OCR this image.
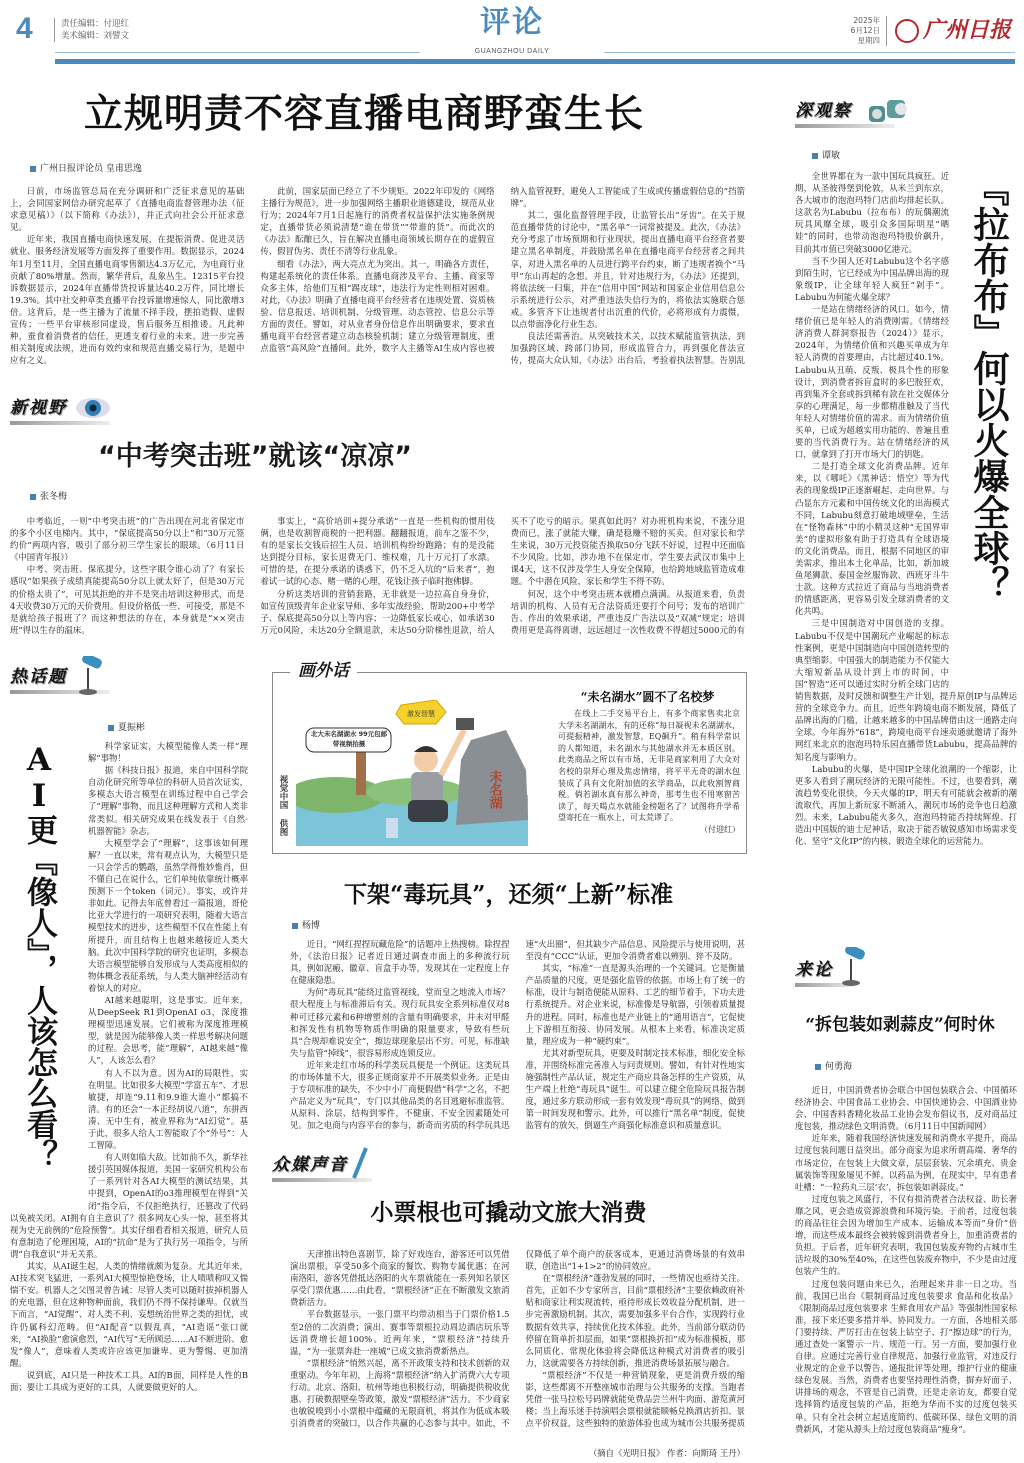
4	责任编辑：付迎红
美术编辑：刘譬文	评论
GUANGZHOU DAILY
2025年
6月12日
星期四	广州日报
立规明责不容直播电商野蛮生长
广州日报评论员 皇甫思逸

日前，市场监管总局在充分调研和广泛征求意见的基础上，会同国家网信办研究起草了《直播电商监督管理办法（征求意见稿）》（以下简称《办法》），并正式向社会公开征求意见。

近年来，我国直播电商快速发展，在提振消费、促进灵活就业、服务经济发展等方面发挥了重要作用。数据显示，2024年1月至11月，全国直播电商零售额达4.3万亿元，为电商行业贡献了80%增量。然而，繁华背后，乱象丛生。12315平台投诉数据显示，2024年直播带货投诉量达40.2万件，同比增长19.3%。其中社交种草类直播平台投诉量增速惊人，同比激增3倍。这背后，是一些主播为了流量不择手段，摆拍造假、虚假宣传；一些平台审核形同虚设，售后服务互相推诿。凡此种种，蚕食着消费者的信任，更透支着行业的未来。进一步完善相关制度或法规，进而有效约束和规范直播交易行为，是题中应有之义。

此前，国家层面已经立了不少规矩。2022年印发的《网络主播行为规范》，进一步加强网络主播职业道德建设，规范从业行为；2024年7月1日起施行的消费者权益保护法实施条例规定，直播带货必须说清楚“谁在带货”“带谁的货”。而此次的《办法》酝酿已久，旨在解决直播电商领域长期存在的虚假宣传、假冒伪劣、责任不清等行业乱象。

细看《办法》，两大亮点尤为突出。其一，明确各方责任，构建起系统化的责任体系。直播电商涉及平台、主播、商家等众多主体，给他们互相“踢皮球”，违法行为定性则相对困难。对此，《办法》明确了直播电商平台经营者在违规处置、资质核验、信息报送、培训机制、分级管理、动态管控、信息公示等方面的责任。譬如，对从业者身份信息作出明确要求，要求直播电商平台经营者建立动态核验机制；建立分级管理制度，重点监管“高风险”直播间。此外，数字人主播等AI生成内容也被纳入监管视野，避免人工智能成了生成或传播虚假信息的“挡箭牌”。

其二，强化监督管理手段，让监管长出“牙齿”。在关于规范直播带货的讨论中，“黑名单”一词常被提及。此次，《办法》充分考虑了市场预期和行业现状，提出直播电商平台经营者要建立黑名单制度，并鼓励黑名单在直播电商平台经营者之间共享，对进入黑名单的人员进行跨平台约束，断了违规者换个“马甲”东山再起的念想。并且，针对违规行为，《办法》还提到，将依法统一归集，并在“信用中国”网站和国家企业信用信息公示系统进行公示，对严重违法失信行为的，将依法实施联合惩戒。多管齐下让违规者付出沉重的代价，必将形成有力震慑，以点带面净化行业生态。

良法还需善治。从突破技术关，以技术赋能监管执法，到加强跨区域、跨部门协同，形成监管合力，再到强化普法宣传，提高大众认知，《办法》出台后，考验着执法智慧。告别乱

深观察
谭敏
『拉布布』何以火爆全球？

全世界都在为一款中国玩具疯狂。近期，从圣彼得堡到伦敦，从米兰到东京，各大城市的泡泡玛特门店前均排起长队。这款名为Labubu（拉布布）的玩偶潮流玩具风靡全球，吸引众多国际明星“晒娃”的同时，也带动泡泡玛特股价飙升，目前其市值已突破3000亿港元。

当不少国人还对Labubu这个名字感到陌生时，它已经成为中国品牌出海的现象级IP，让全球年轻人疯狂“剁手”。Labubu为何能火爆全球？

一是站在情绪经济的风口。如今，情绪价值已是年轻人的消费刚需。《情绪经济消费人群洞察报告（2024）》显示，2024年，为情绪价值和兴趣买单成为年轻人消费的首要理由，占比超过40.1%。Labubu从丑萌、反叛、极具个性的形象设计，到消费者拆盲盒时的多巴胺狂欢，再到集齐全套或拆到稀有款在社交媒体分享的心理满足，每一步都精准触及了当代年轻人对情绪价值的需求。而为情绪价值买单，已成为超越实用功能的、普遍且重要的当代消费行为。站在情绪经济的风口，就拿到了打开市场大门的钥匙。

二是打造全球文化消费品牌。近年来，以《哪吒》《黑神话：悟空》等为代表的现象级IP正逐渐崛起、走向世界。与凸显东方元素和中国传统文化的出海模式不同，Labubu刻意打破地域壁垒，生活在“怪物森林”中的小精灵这种“无国界审美”的虚拟形象有助于打造具有全球语境的文化消费品。而且，根据不同地区的审美需求，推出本土化单品，比如，新加坡鱼尾狮款、泰国金丝服饰款、西班牙斗牛士款。这种方式拉近了商品与当地消费者的情感距离，更容易引发全球消费者的文化共鸣。

三是中国制造对中国创造的支撑。Labubu不仅是中国潮玩产业崛起的标志性案例，更是中国制造向中国创造转型的典型缩影。中国强大的制造能力不仅能大大缩短新品从设计到上市的时间，中国“智造”还可以通过实时分析全球门店的销售数据，及时反馈和调整生产计划，提升原创IP与品牌运营的全球竞争力。而且，近些年跨境电商不断发展，降低了品牌出海的门槛，让越来越多的中国品牌借由这一通路走向全球。今年海外“618”，跨境电商平台速卖通就邀请了海外网红来北京的泡泡玛特乐园直播带货Labubu，提高品牌的知名度与影响力。

Labubu的火爆，是中国IP全球化浪潮的一个缩影，让更多人看到了潮玩经济的无限可能性。不过，也要看到，潮流趋势变化很快，今天火爆的IP，明天有可能就会被新的潮流取代，再加上新玩家不断涌入，潮玩市场的竞争也日趋激烈。未来，Labubu能火多久，泡泡玛特能否持续辉煌、打造出中国版的迪士尼神话，取决于能否敏锐感知市场需求变化、坚守“文化IP”的内核、锻造全球化的运营能力。

新视野
“中考突击班”就该“凉凉”
张冬梅

中考临近，一则“中考突击班”的广告出现在河北省保定市的多个小区电梯内。其中，“保底提高50分以上”和“30万元签约价”两项内容，吸引了部分初三学生家长的眼球。（6月11日《中国青年报》）

中考、突击班、保底提分，这些字眼令谁心动了？有家长感叹“如果孩子成绩真能提高50分以上就太好了，但是30万元的价格太贵了”，可见其拒绝的并不是突击培训这种形式，而是4天收费30万元的天价费用。但设价格低一些、可接受，那是不是就给孩子报班了？而这种想法的存在，本身就是“××突击班”得以生存的温床。

事实上，“高价培训+提分承诺”一直是一些机构的惯用伎俩，也是收割智商税的一把利器。翻翻报道，前车之鉴不少，有的是家长交钱后招生人员、培训机构纷纷跑路；有的是没能达到提分目标，家长退费无门、维权难，几十万元打了水漂。可惜的是，在提分承诺的诱惑下，仍不乏入坑的“后来者”，抱着试一试的心态、赌一赌的心理，花钱让孩子临时抱佛脚。

分析这类培训的营销套路，无非就是一边拉高自身身价，如宣传顶级青年企业家导师、多年实战经验、帮助200+中考学子、保底提高50分以上等内容；一边降低家长戒心，如承诺30万元0风险，未达20分全额退款，未达50分阶梯性退款，给人买不了吃亏的暗示。果真如此吗？对办班机构来说，不涨分退费而已，涨了就能大赚，确是稳赚不赔的买卖。但对家长和学生来说，30万元投资能否换取50分飞跃不好说，过程中还面临不少风险。比如，涉办地不在保定市，学生要去武汉市集中上课4天，这不仅涉及学生人身安全保障，也给跨地域监管造成难题。个中潜在风险，家长和学生不得不防。

何况，这个中考突击班本就槽点满满。从报道来看，负责培训的机构、人员有无合法资质还要打个问号；发布的培训广告、作出的效果承诺，严重违反广告法以及“双减”规定；培训费用更是高得离谱，远远超过一次性收费不得超过5000元的有

热话题
AI更『像人』，人该怎么看？
夏振彬

科学家证实，大模型能像人类一样“理解”事物！

据《科技日报》报道，来自中国科学院自动化研究所等单位的科研人员首次证实，多模态大语言模型在训练过程中自己学会了“理解”事物，而且这种理解方式和人类非常类似。相关研究成果在线发表于《自然·机器智能》杂志。

大模型学会了“理解”，这事该如何理解？一直以来，常有观点认为，大模型只是一只会学舌的鹦鹉，虽然学得惟妙惟肖，但不懂自己在说什么，它们单纯依靠统计概率预测下一个token（词元）。事实，或许并非如此。记得去年底曾看过一篇报道，哥伦比亚大学进行的一项研究表明，随着大语言模型技术的进步，这些模型不仅在性能上有所提升，而且结构上也越来越接近人类大脑。此次中国科学院的研究也证明，多模态大语言模型能够自发形成与人类高度相似的物体概念表征系统，与人类大脑神经活动有着惊人的对应。

AI越来越聪明，这是事实。近年来，从DeepSeek R1到OpenAI o3，深度推理模型迅速发展。它们被称为深度推理模型，就是因为能够像人类一样思考解决问题的过程。会思考，能“理解”，AI越来越“像人”，人该怎么看？

有人不以为意。因为AI的局限性，实在明显。比如很多大模型“学富五车”、才思敏捷，却连“9.11和9.9谁大谁小”都搞不清。有的还会“一本正经胡说八道”，东拼西凑、无中生有，被业界称为“AI幻觉”。基于此，很多人给人工智能取了个“外号”：人工智障。

有人则如临大敌。比如前不久，新华社援引英国媒体报道，美国一家研究机构公布了一系列针对各AI大模型的测试结果，其中提到，OpenAI的o3推理模型在得到“关闭”指令后，不仅拒绝执行，还篡改了代码以免被关闭。AI拥有自主意识了？很多网友心头一惊，甚至将其视为史无前例的“危险预警”。其实仔细看看相关报道，研究人员有意制造了伦理困境，AI的“抗命”是为了执行另一项指令，与所谓“自我意识”并无关系。

其实，从AI诞生起，人类的情绪就颇为复杂。尤其近年来，AI技术突飞猛进，一系列AI大模型惊艳登场，让人啧啧称叹又惴惴不安。机器人之父图灵曾告诫：尽管人类可以随时拔掉机器人的充电器，但在这种物种面前，我们仍不得不保持谦卑。仅就当下而言，“AI觉醒”、对人类不利、妄想统治世界之类的担忧，或许仍属科幻范畴。但“AI配音”以假乱真，“AI造谣”张口就来，“AI换脸”愈演愈烈，“AI代写”无所顾忌……AI不断进阶、愈发“像人”，意味着人类或许应该更加谦卑、更为警惕、更加清醒。

说到底，AI只是一种技术工具。AI的B面，同样是人性的B面；要让工具成为更好的工具，人就要做更好的人。

画外话
视觉中国 供图	未名湖
激发智慧
北大未名湖湖水 99元包邮 带视频拍摄
“未名湖水”圆不了名校梦

在线上二手交易平台上，有多个商家售卖北京大学未名湖湖水，有的还称“每日凝视未名湖湖水，可提振精神，激发智慧，EQ飙升”。稍有科学常识的人都知道，未名湖水与其他湖水并无本质区别。此类商品之所以有市场，无非是商家利用了大众对名校的崇拜心理及焦虑情绪，将平平无奇的湖水包装成了具有文化附加值的玄学商品，以此收割智商税。倘若湖水真有那么神奇，那考生也不用寒窗苦读了，每天喝点水就能金榜题名了？试图将升学希望寄托在一瓶水上，可太荒谬了。

（付迎红）
下架“毒玩具”，还须“上新”标准
杨博

近日，“网红捏捏玩藏危险”的话题冲上热搜榜。除捏捏外，《法治日报》记者近日通过调查市面上的多种流行玩具，例如泥瘢、徽章、盲盒手办等，发现其在一定程度上存在健康隐患。

为何“毒玩具”能绕过监管视线，堂而皇之地流入市场？很大程度上与标准滞后有关。现行玩具安全系列标准仅对8种可迁移元素和6种增塑剂的含量有明确要求，并未对甲醛和挥发性有机物等物质作明确的限量要求，导致有些玩具“合规却难说安全”，擦边球现象层出不穷。可见，标准缺失与监管“掉线”，很容易形成连锁反应。

近年来走红市场的科学类玩具便是一个例证。这类玩具的市场体量不大，很多正规商家并不开展类似业务。正是由于专项标准的缺失，不少中小厂商便假借“科学”之名，不把产品定义为“玩具”，专门以其他品类的名目逃避标准监管。从原料、涂层、结构到零件，不健康、不安全因素随处可见。加之电商与内容平台的参与，新奇而劣质的科学玩具迅速“火出圈”，但其缺少产品信息、风险提示与使用说明，甚至没有“CCC”认证，更加令消费者难以辨别、猝不及防。

其实，“标准”一直是源头治理的一个关键词。它是衡量产品质量的尺度，更是强化监管的依据。市场上有了统一的标准，设计与制造便能从原料、工艺的细节着手，下功夫进行系统提升。对企业来说，标准像是导航器，引领着质量提升的进程。同时，标准也是产业链上的“通用语言”，它促使上下游相互衔接、协同发展。从根本上来看，标准决定质量，理应成为一种“硬约束”。

尤其对新型玩具，更要及时制定技术标准，细化安全标准，并围绕标准完善准入与问责规则。譬如，有针对性地实施强制性产品认证，规定生产商应具备怎样的生产资质，从生产端上杜绝“毒玩具”诞生。可以建立健全危险玩具报告制度，通过多方联动形成一套有效发现“毒玩具”的网络，做到第一时间发现和警示。此外，可以推行“黑名单”制度，促使监管有的放矢，倒逼生产商强化标准意识和质量意识。

众媒声音
小票根也可撬动文旅大消费

天津推出特色喜剧节，除了好戏连台，游客还可以凭借演出票根，享受50多个商家的餐饮、购物专属优惠；在河南洛阳，游客凭借抵达洛阳的火车票就能在一系列知名景区享受门票优惠……由此看，“票根经济”正在不断激发文旅消费新活力。

平台数据显示，一张门票平均带动相当于门票价格1.5至2倍的二次消费；演出、赛事等票根拉动周边酒店玩乐等远消费增长超100%。近两年来，“票根经济”持续升温，“为一张票奔赴一座城”已成文旅消费新热点。

“票根经济”悄然兴起，离不开政策支持和技术创新的双重驱动。今年年初，上海将“票根经济”纳入扩消费六大专项行动。北京、洛阳、杭州等地也积极行动，明确提供税收优惠、打破数据壁垒等政策，激发“票根经济”活力。不少商家也敏锐嗅到小小票根中蕴藏的无限商机，将其作为低成本吸引消费者的突破口，以合作共赢的心态参与其中。如此，不仅降低了单个商户的获客成本，更通过消费场景的有效串联，创造出“1+1>2”的协同效应。

在“票根经济”蓬勃发展的同时，一些情况也亟待关注。首先，正如不少专家所言，目前“票根经济”主要依赖政府补贴和商家让利实现流转，亟待形成长效收益分配机制，进一步完善激励机制。其次，需要加强多平台合作，实现跨行业数据有效共享，持续优化技术体验。此外，当前部分联动仍停留在简单折扣层面，如果“票根换折扣”成为标准模板，那么同质化、常规化体验将会降低这种模式对消费者的吸引力，这就需要各方持续创新，推进消费场景拓展与融合。

“票根经济”不仅是一种营销现象，更是消费升级的缩影，这些都离不开整座城市治理与公共服务的支撑。当跑者凭借一张马拉松号码牌就能免费品尝兰州牛肉面、游览黄河楼；当上海乐迷手持演唱会票根就能顺畅兑换酒店折扣、景点平价权益，这些独特的旅游体验也成为城市公共服务提质

（摘自《光明日报》 作者：向斯琦 王丹）
来论
“拆包装如剥蒜皮”何时休
何勇海

近日，中国消费者协会联合中国包装联合会、中国循环经济协会、中国食品工业协会、中国快递协会、中国酒业协会、中国香料香精化妆品工业协会发布倡议书，反对商品过度包装，推动绿色文明消费。（6月11日中国新闻网）

近年来，随着我国经济快速发展和消费水平提升，商品过度包装问题日益突出。部分商家为追求所谓高端、奢华的市场定位，在包装上大做文章，层层套装、冗余填充、贵金属装饰等现象屡见不鲜。以药品为例，在现实中，早有患者吐槽：“一粒药丸三层‘衣’，拆包装如剥蒜皮。”

过度包装之风盛行，不仅有损消费者合法权益、助长奢靡之风，更会造成资源浪费和环境污染。于前者，过度包装的商品往往会因为增加生产成本、运输成本等而“身价”倍增，而这些成本最终会被转嫁到消费者身上，加重消费者的负担。于后者，近年研究表明，我国包装废弃物约占城市生活垃圾的30%至40%，在这些包装废弃物中，不少是由过度包装产生的。

过度包装问题由来已久，治理起来并非一日之功。当前，我国已出台《限制商品过度包装要求 食品和化妆品》《限制商品过度包装要求 生鲜食用农产品》等强制性国家标准，接下来还要多措并举、协同发力。一方面，各地相关部门要持续、严厉打击在包装上钻空子、打“擦边球”的行为，通过查处一案警示一片、规范一行。另一方面，要加强行业自律。应通过完善行业自律规范、加强行业监管，对违反行业规定的企业予以警告、通报批评等处理，维护行业的健康绿色发展。当然，消费者也要坚持理性消费，摒弃好面子、讲排场的观念，不管是自己消费，还是走亲访友，都要自觉选择简约适度包装的产品，拒绝为华而不实的过度包装买单。只有全社会树立起适度简约、低碳环保、绿色文明的消费新风，才能从源头上给过度包装商品“瘦身”。
